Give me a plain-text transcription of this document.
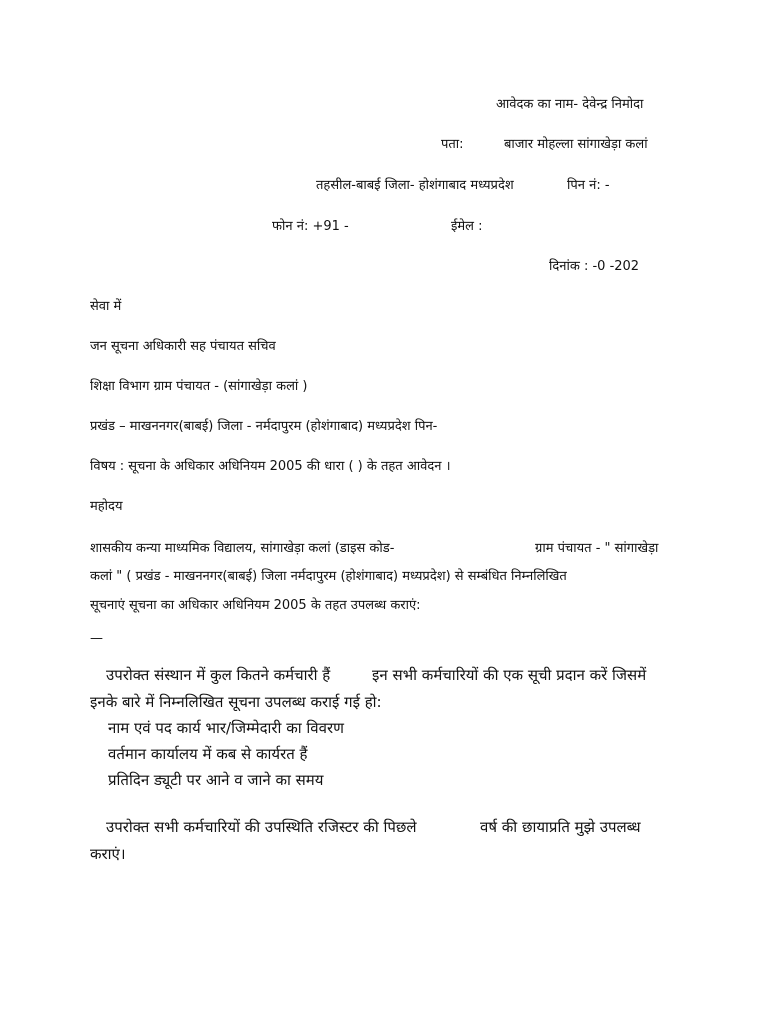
आवेदक का नाम- देवेन्द्र निमोदा
पता:	बाजार मोहल्ला सांगाखेड़ा कलां
तहसील-बाबई जिला- होशंगाबाद मध्यप्रदेश	पिन नं: -
फोन नं: +91 -	ईमेल :
दिनांक : -0 -202
सेवा में
जन सूचना अधिकारी सह पंचायत सचिव
शिक्षा विभाग ग्राम पंचायत - (सांगाखेड़ा कलां )
प्रखंड – माखननगर(बाबई) जिला - नर्मदापुरम (होशंगाबाद) मध्यप्रदेश पिन-
विषय : सूचना के अधिकार अधिनियम 2005 की धारा ( ) के तहत आवेदन ।
महोदय
शासकीय कन्या माध्यमिक विद्यालय, सांगाखेड़ा कलां (डाइस कोड-	ग्राम पंचायत - " सांगाखेड़ा
कलां " ( प्रखंड - माखननगर(बाबई) जिला नर्मदापुरम (होशंगाबाद) मध्यप्रदेश) से सम्बंधित निम्नलिखित
सूचनाएं सूचना का अधिकार अधिनियम 2005 के तहत उपलब्ध कराएं:
—
उपरोक्त संस्थान में कुल कितने कर्मचारी हैं	इन सभी कर्मचारियों की एक सूची प्रदान करें जिसमें
इनके बारे में निम्नलिखित सूचना उपलब्ध कराई गई हो:
नाम एवं पद कार्य भार/जिम्मेदारी का विवरण
वर्तमान कार्यालय में कब से कार्यरत हैं
प्रतिदिन ड्यूटी पर आने व जाने का समय
उपरोक्त सभी कर्मचारियों की उपस्थिति रजिस्टर की पिछले	वर्ष की छायाप्रति मुझे उपलब्ध
कराएं।
